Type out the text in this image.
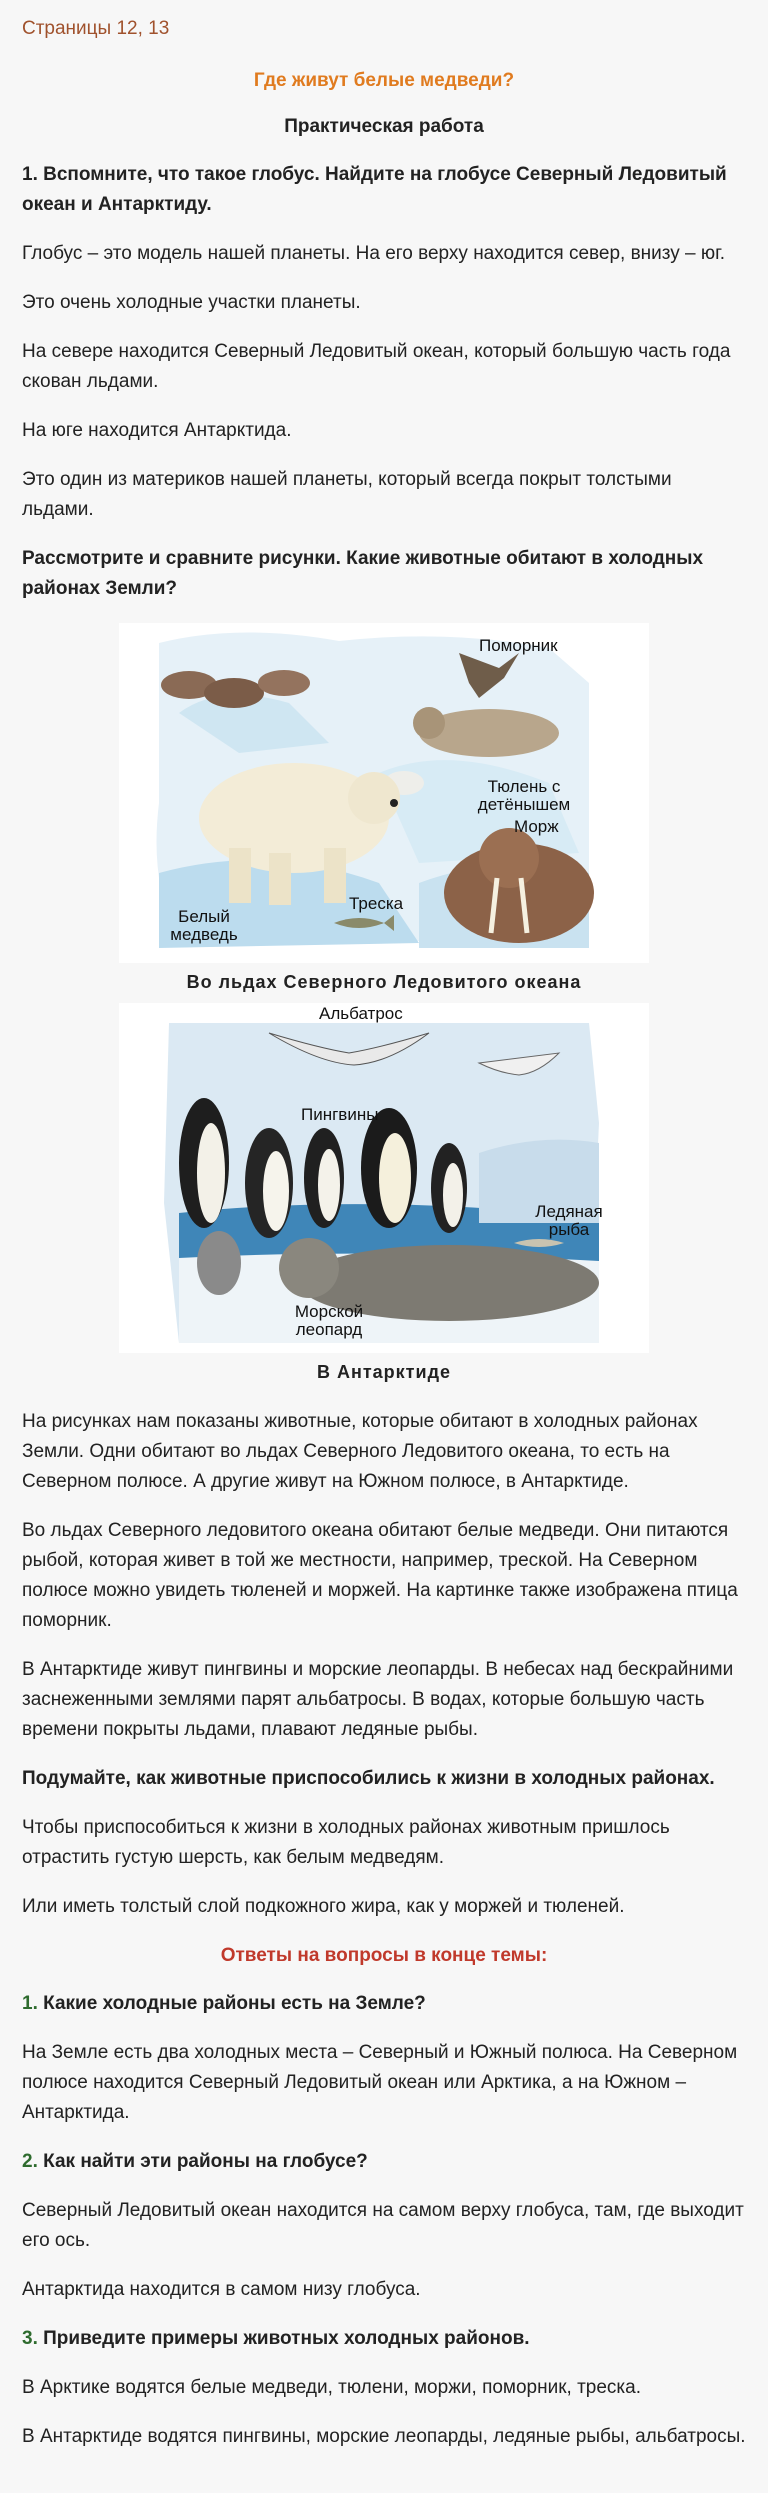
Страницы 12, 13
Где живут белые медведи?
Практическая работа

1. Вспомните, что такое глобус. Найдите на глобусе Северный Ледовитый океан и Антарктиду.

Глобус – это модель нашей планеты. На его верху находится север, внизу – юг.

Это очень холодные участки планеты.

На севере находится Северный Ледовитый океан, который большую часть года скован льдами.

На юге находится Антарктида.

Это один из материков нашей планеты, который всегда покрыт толстыми льдами.

Рассмотрите и сравните рисунки. Какие животные обитают в холодных районах Земли?

Поморник
Тюлень с детёнышем
Морж
Белый медведь
Треска
Во льдах Северного Ледовитого океана
Альбатрос
Пингвины
Ледяная рыба
Морской леопард
В Антарктиде

На рисунках нам показаны животные, которые обитают в холодных районах Земли. Одни обитают во льдах Северного Ледовитого океана, то есть на Северном полюсе. А другие живут на Южном полюсе, в Антарктиде.

Во льдах Северного ледовитого океана обитают белые медведи. Они питаются рыбой, которая живет в той же местности, например, треской. На Северном полюсе можно увидеть тюленей и моржей. На картинке также изображена птица поморник.

В Антарктиде живут пингвины и морские леопарды. В небесах над бескрайними заснеженными землями парят альбатросы. В водах, которые большую часть времени покрыты льдами, плавают ледяные рыбы.

Подумайте, как животные приспособились к жизни в холодных районах.

Чтобы приспособиться к жизни в холодных районах животным пришлось отрастить густую шерсть, как белым медведям.

Или иметь толстый слой подкожного жира, как у моржей и тюленей.

Ответы на вопросы в конце темы:

1. Какие холодные районы есть на Земле?

На Земле есть два холодных места – Северный и Южный полюса. На Северном полюсе находится Северный Ледовитый океан или Арктика, а на Южном – Антарктида.

2. Как найти эти районы на глобусе?

Северный Ледовитый океан находится на самом верху глобуса, там, где выходит его ось.

Антарктида находится в самом низу глобуса.

3. Приведите примеры животных холодных районов.

В Арктике водятся белые медведи, тюлени, моржи, поморник, треска.

В Антарктиде водятся пингвины, морские леопарды, ледяные рыбы, альбатросы.
